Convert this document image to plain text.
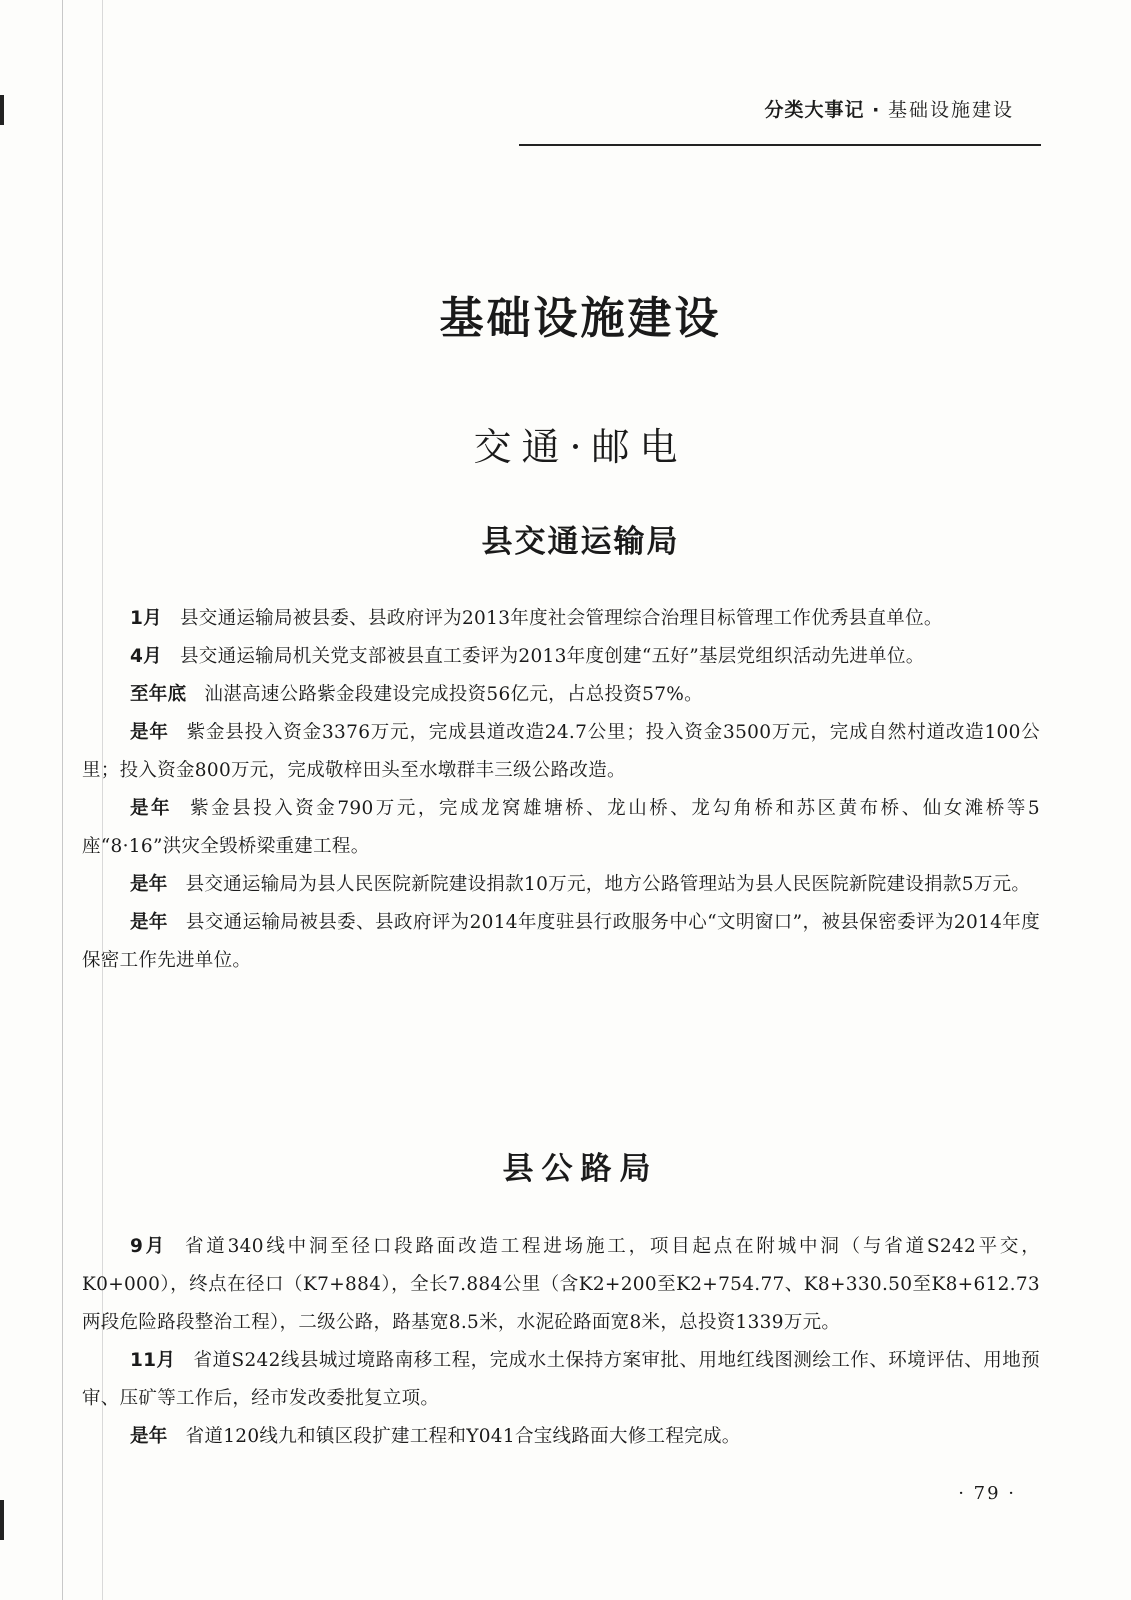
分类大事记 · 基础设施建设
基础设施建设
交通·邮电
县交通运输局

1月 县交通运输局被县委、县政府评为2013年度社会管理综合治理目标管理工作优秀县直单位。

4月 县交通运输局机关党支部被县直工委评为2013年度创建“五好”基层党组织活动先进单位。

至年底 汕湛高速公路紫金段建设完成投资56亿元，占总投资57%。

是年 紫金县投入资金3376万元，完成县道改造24.7公里；投入资金3500万元，完成自然村道改造100公里；投入资金800万元，完成敬梓田头至水墩群丰三级公路改造。

是年 紫金县投入资金790万元，完成龙窝雄塘桥、龙山桥、龙勾角桥和苏区黄布桥、仙女滩桥等5座“8·16”洪灾全毁桥梁重建工程。

是年 县交通运输局为县人民医院新院建设捐款10万元，地方公路管理站为县人民医院新院建设捐款5万元。

是年 县交通运输局被县委、县政府评为2014年度驻县行政服务中心“文明窗口”，被县保密委评为2014年度保密工作先进单位。

县公路局

9月 省道340线中洞至径口段路面改造工程进场施工，项目起点在附城中洞（与省道S242平交，K0+000），终点在径口（K7+884），全长7.884公里（含K2+200至K2+754.77、K8+330.50至K8+612.73两段危险路段整治工程），二级公路，路基宽8.5米，水泥砼路面宽8米，总投资1339万元。

11月 省道S242线县城过境路南移工程，完成水土保持方案审批、用地红线图测绘工作、环境评估、用地预审、压矿等工作后，经市发改委批复立项。

是年 省道120线九和镇区段扩建工程和Y041合宝线路面大修工程完成。

· 79 ·
